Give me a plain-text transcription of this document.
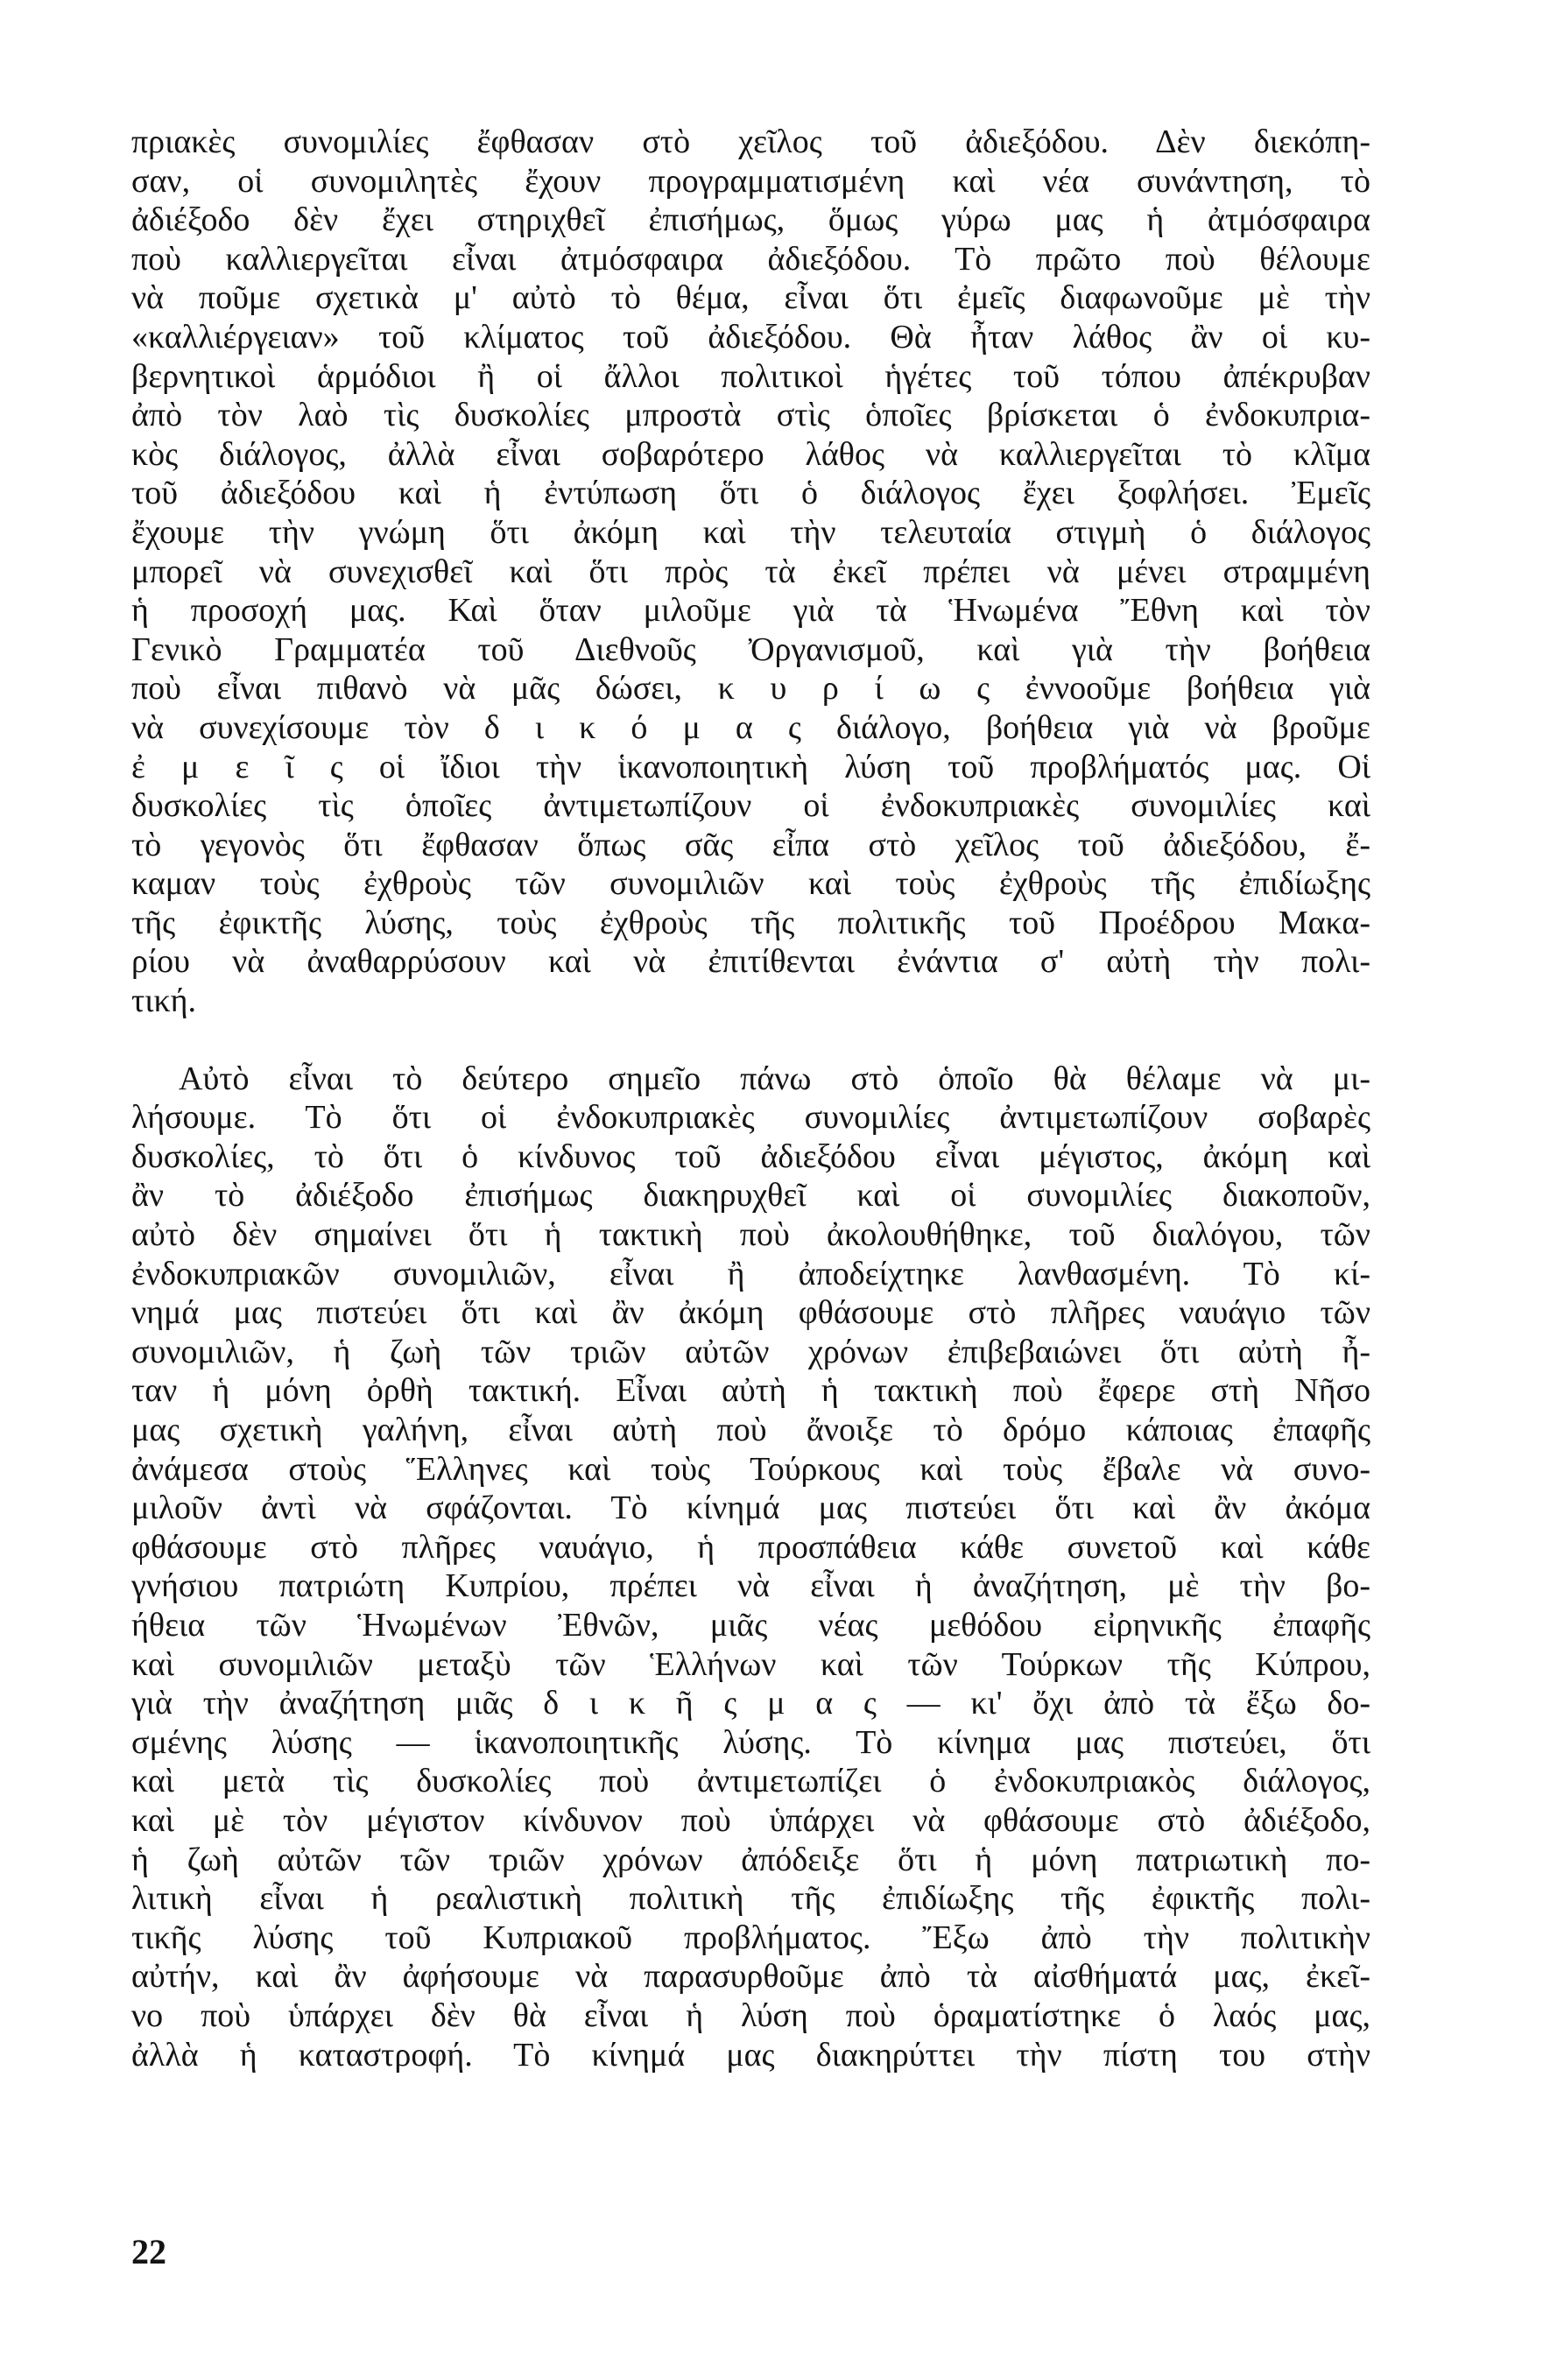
πριακὲς συνομιλίες ἔφθασαν στὸ χεῖλος τοῦ ἀδιεξόδου. Δὲν διεκόπη-
σαν, οἱ συνομιλητὲς ἔχουν προγραμματισμένη καὶ νέα συνάντηση, τὸ
ἀδιέξοδο δὲν ἔχει στηριχθεῖ ἐπισήμως, ὅμως γύρω μας ἡ ἀτμόσφαιρα
ποὺ καλλιεργεῖται εἶναι ἀτμόσφαιρα ἀδιεξόδου. Τὸ πρῶτο ποὺ θέλουμε
νὰ ποῦμε σχετικὰ μ' αὐτὸ τὸ θέμα, εἶναι ὅτι ἐμεῖς διαφωνοῦμε μὲ τὴν
«καλλιέργειαν» τοῦ κλίματος τοῦ ἀδιεξόδου. Θὰ ἦταν λάθος ἂν οἱ κυ-
βερνητικοὶ ἁρμόδιοι ἢ οἱ ἄλλοι πολιτικοὶ ἡγέτες τοῦ τόπου ἀπέκρυβαν
ἀπὸ τὸν λαὸ τὶς δυσκολίες μπροστὰ στὶς ὁποῖες βρίσκεται ὁ ἐνδοκυπρια-
κὸς διάλογος, ἀλλὰ εἶναι σοβαρότερο λάθος νὰ καλλιεργεῖται τὸ κλῖμα
τοῦ ἀδιεξόδου καὶ ἡ ἐντύπωση ὅτι ὁ διάλογος ἔχει ξοφλήσει. Ἐμεῖς
ἔχουμε τὴν γνώμη ὅτι ἀκόμη καὶ τὴν τελευταία στιγμὴ ὁ διάλογος
μπορεῖ νὰ συνεχισθεῖ καὶ ὅτι πρὸς τὰ ἐκεῖ πρέπει νὰ μένει στραμμένη
ἡ προσοχή μας. Καὶ ὅταν μιλοῦμε γιὰ τὰ Ἡνωμένα Ἔθνη καὶ τὸν
Γενικὸ Γραμματέα τοῦ Διεθνοῦς Ὀργανισμοῦ, καὶ γιὰ τὴν βοήθεια
ποὺ εἶναι πιθανὸ νὰ μᾶς δώσει, κ υ ρ ί ω ς ἐννοοῦμε βοήθεια γιὰ
νὰ συνεχίσουμε τὸν δ ι κ ό μ α ς διάλογο, βοήθεια γιὰ νὰ βροῦμε
ἐ μ ε ῖ ς οἱ ἴδιοι τὴν ἱκανοποιητικὴ λύση τοῦ προβλήματός μας. Οἱ
δυσκολίες τὶς ὁποῖες ἀντιμετωπίζουν οἱ ἐνδοκυπριακὲς συνομιλίες καὶ
τὸ γεγονὸς ὅτι ἔφθασαν ὅπως σᾶς εἶπα στὸ χεῖλος τοῦ ἀδιεξόδου, ἔ-
καμαν τοὺς ἐχθροὺς τῶν συνομιλιῶν καὶ τοὺς ἐχθροὺς τῆς ἐπιδίωξης
τῆς ἐφικτῆς λύσης, τοὺς ἐχθροὺς τῆς πολιτικῆς τοῦ Προέδρου Μακα-
ρίου νὰ ἀναθαρρύσουν καὶ νὰ ἐπιτίθενται ἐνάντια σ' αὐτὴ τὴν πολι-
τική.
Αὐτὸ εἶναι τὸ δεύτερο σημεῖο πάνω στὸ ὁποῖο θὰ θέλαμε νὰ μι-
λήσουμε. Τὸ ὅτι οἱ ἐνδοκυπριακὲς συνομιλίες ἀντιμετωπίζουν σοβαρὲς
δυσκολίες, τὸ ὅτι ὁ κίνδυνος τοῦ ἀδιεξόδου εἶναι μέγιστος, ἀκόμη καὶ
ἂν τὸ ἀδιέξοδο ἐπισήμως διακηρυχθεῖ καὶ οἱ συνομιλίες διακοποῦν,
αὐτὸ δὲν σημαίνει ὅτι ἡ τακτικὴ ποὺ ἀκολουθήθηκε, τοῦ διαλόγου, τῶν
ἐνδοκυπριακῶν συνομιλιῶν, εἶναι ἢ ἀποδείχτηκε λανθασμένη. Τὸ κί-
νημά μας πιστεύει ὅτι καὶ ἂν ἀκόμη φθάσουμε στὸ πλῆρες ναυάγιο τῶν
συνομιλιῶν, ἡ ζωὴ τῶν τριῶν αὐτῶν χρόνων ἐπιβεβαιώνει ὅτι αὐτὴ ἦ-
ταν ἡ μόνη ὀρθὴ τακτική. Εἶναι αὐτὴ ἡ τακτικὴ ποὺ ἔφερε στὴ Νῆσο
μας σχετικὴ γαλήνη, εἶναι αὐτὴ ποὺ ἄνοιξε τὸ δρόμο κάποιας ἐπαφῆς
ἀνάμεσα στοὺς Ἕλληνες καὶ τοὺς Τούρκους καὶ τοὺς ἔβαλε νὰ συνο-
μιλοῦν ἀντὶ νὰ σφάζονται. Τὸ κίνημά μας πιστεύει ὅτι καὶ ἂν ἀκόμα
φθάσουμε στὸ πλῆρες ναυάγιο, ἡ προσπάθεια κάθε συνετοῦ καὶ κάθε
γνήσιου πατριώτη Κυπρίου, πρέπει νὰ εἶναι ἡ ἀναζήτηση, μὲ τὴν βο-
ήθεια τῶν Ἡνωμένων Ἐθνῶν, μιᾶς νέας μεθόδου εἰρηνικῆς ἐπαφῆς
καὶ συνομιλιῶν μεταξὺ τῶν Ἑλλήνων καὶ τῶν Τούρκων τῆς Κύπρου,
γιὰ τὴν ἀναζήτηση μιᾶς δ ι κ ῆ ς μ α ς — κι' ὄχι ἀπὸ τὰ ἔξω δο-
σμένης λύσης — ἱκανοποιητικῆς λύσης. Τὸ κίνημα μας πιστεύει, ὅτι
καὶ μετὰ τὶς δυσκολίες ποὺ ἀντιμετωπίζει ὁ ἐνδοκυπριακὸς διάλογος,
καὶ μὲ τὸν μέγιστον κίνδυνον ποὺ ὑπάρχει νὰ φθάσουμε στὸ ἀδιέξοδο,
ἡ ζωὴ αὐτῶν τῶν τριῶν χρόνων ἀπόδειξε ὅτι ἡ μόνη πατριωτικὴ πο-
λιτικὴ εἶναι ἡ ρεαλιστικὴ πολιτικὴ τῆς ἐπιδίωξης τῆς ἐφικτῆς πολι-
τικῆς λύσης τοῦ Κυπριακοῦ προβλήματος. Ἔξω ἀπὸ τὴν πολιτικὴν
αὐτήν, καὶ ἂν ἀφήσουμε νὰ παρασυρθοῦμε ἀπὸ τὰ αἰσθήματά μας, ἐκεῖ-
νο ποὺ ὑπάρχει δὲν θὰ εἶναι ἡ λύση ποὺ ὁραματίστηκε ὁ λαός μας,
ἀλλὰ ἡ καταστροφή. Τὸ κίνημά μας διακηρύττει τὴν πίστη του στὴν
22
